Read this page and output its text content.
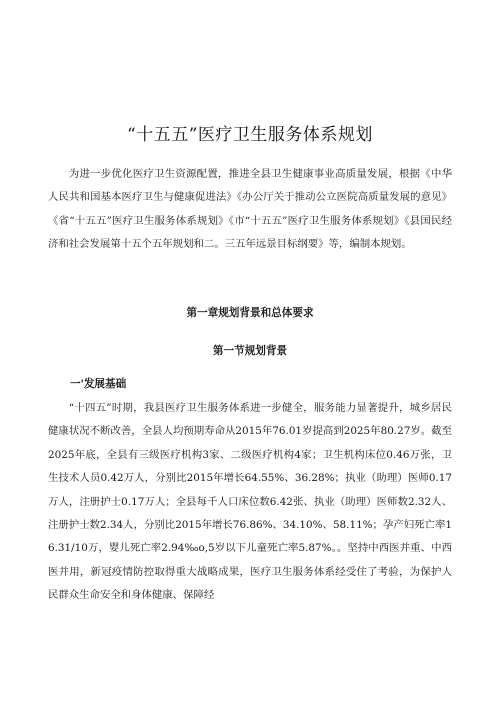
“十五五”医疗卫生服务体系规划

为进一步优化医疗卫生资源配置，推进全县卫生健康事业高质量发展，根据《中华人民共和国基本医疗卫生与健康促进法》《办公厅关于推动公立医院高质量发展的意见》《省“十五五”医疗卫生服务体系规划》《市“十五五”医疗卫生服务体系规划》《县国民经济和社会发展第十五个五年规划和二。三五年远景目标纲要》等，编制本规划。

第一章规划背景和总体要求
第一节规划背景
一'发展基础

“十四五”时期，我县医疗卫生服务体系进一步健全，服务能力显著提升，城乡居民健康状况不断改善，全县人均预期寿命从2015年76.01岁提高到2025年80.27岁。截至2025年底，全县有三级医疗机构3家、二级医疗机构4家；卫生机构床位0.46万张，卫生技术人员0.42万人，分别比2015年增长64.55%、36.28%；执业（助理）医师0.17万人，注册护士0.17万人；全县每千人口床位数6.42张、执业（助理）医师数2.32人、注册护士数2.34人，分别比2015年增长76.86%、34.10%、58.11%；孕产妇死亡率16.31/10万，婴儿死亡率2.94‰o,5岁以下儿童死亡率5.87%。。坚持中西医并重、中西医并用，新冠疫情防控取得重大战略成果，医疗卫生服务体系经受住了考验，为保护人民群众生命安全和身体健康、保障经
